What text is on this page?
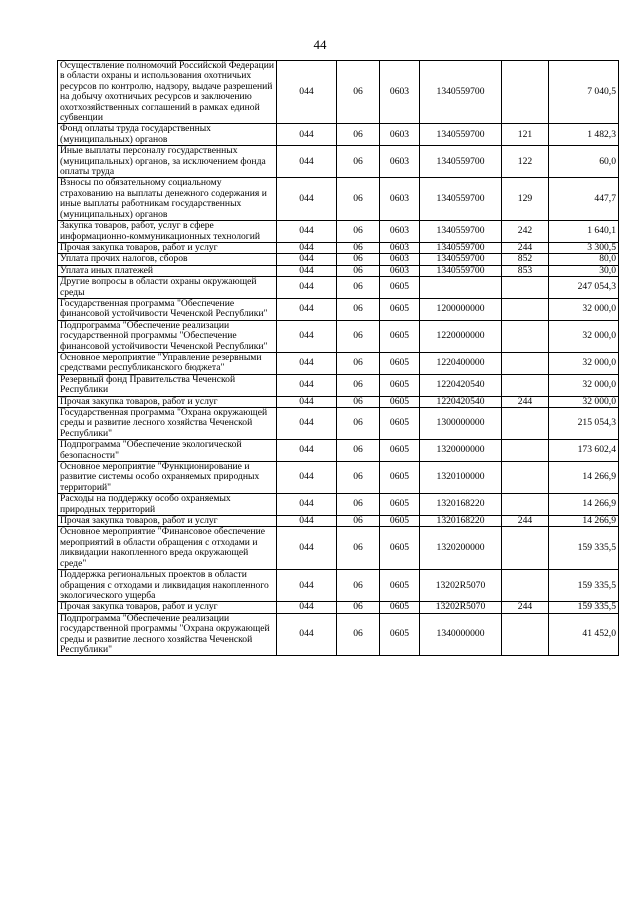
44
Осуществление полномочий Российской Федерации в области охраны и использования охотничьих ресурсов по контролю, надзору, выдаче разрешений на добычу охотничьих ресурсов и заключению охотхозяйственных соглашений в рамках единой субвенции	044	06	0603	1340559700		7 040,5
Фонд оплаты труда государственных (муниципальных) органов	044	06	0603	1340559700	121	1 482,3
Иные выплаты персоналу государственных (муниципальных) органов, за исключением фонда оплаты труда	044	06	0603	1340559700	122	60,0
Взносы по обязательному социальному страхованию на выплаты денежного содержания и иные выплаты работникам государственных (муниципальных) органов	044	06	0603	1340559700	129	447,7
Закупка товаров, работ, услуг в сфере информационно-коммуникационных технологий	044	06	0603	1340559700	242	1 640,1
Прочая закупка товаров, работ и услуг	044	06	0603	1340559700	244	3 300,5
Уплата прочих налогов, сборов	044	06	0603	1340559700	852	80,0
Уплата иных платежей	044	06	0603	1340559700	853	30,0
Другие вопросы в области охраны окружающей среды	044	06	0605			247 054,3
Государственная программа "Обеспечение финансовой устойчивости Чеченской Республики"	044	06	0605	1200000000		32 000,0
Подпрограмма "Обеспечение реализации государственной программы "Обеспечение финансовой устойчивости Чеченской Республики"	044	06	0605	1220000000		32 000,0
Основное мероприятие "Управление резервными средствами республиканского бюджета"	044	06	0605	1220400000		32 000,0
Резервный фонд Правительства Чеченской Республики	044	06	0605	1220420540		32 000,0
Прочая закупка товаров, работ и услуг	044	06	0605	1220420540	244	32 000,0
Государственная программа "Охрана окружающей среды и развитие лесного хозяйства Чеченской Республики"	044	06	0605	1300000000		215 054,3
Подпрограмма "Обеспечение экологической безопасности"	044	06	0605	1320000000		173 602,4
Основное мероприятие "Функционирование и развитие системы особо охраняемых природных территорий"	044	06	0605	1320100000		14 266,9
Расходы на поддержку особо охраняемых природных территорий	044	06	0605	1320168220		14 266,9
Прочая закупка товаров, работ и услуг	044	06	0605	1320168220	244	14 266,9
Основное мероприятие "Финансовое обеспечение мероприятий в области обращения с отходами и ликвидации накопленного вреда окружающей среде"	044	06	0605	1320200000		159 335,5
Поддержка региональных проектов в области обращения с отходами и ликвидация накопленного экологического ущерба	044	06	0605	13202R5070		159 335,5
Прочая закупка товаров, работ и услуг	044	06	0605	13202R5070	244	159 335,5
Подпрограмма "Обеспечение реализации государственной программы "Охрана окружающей среды и развитие лесного хозяйства Чеченской Республики"	044	06	0605	1340000000		41 452,0
